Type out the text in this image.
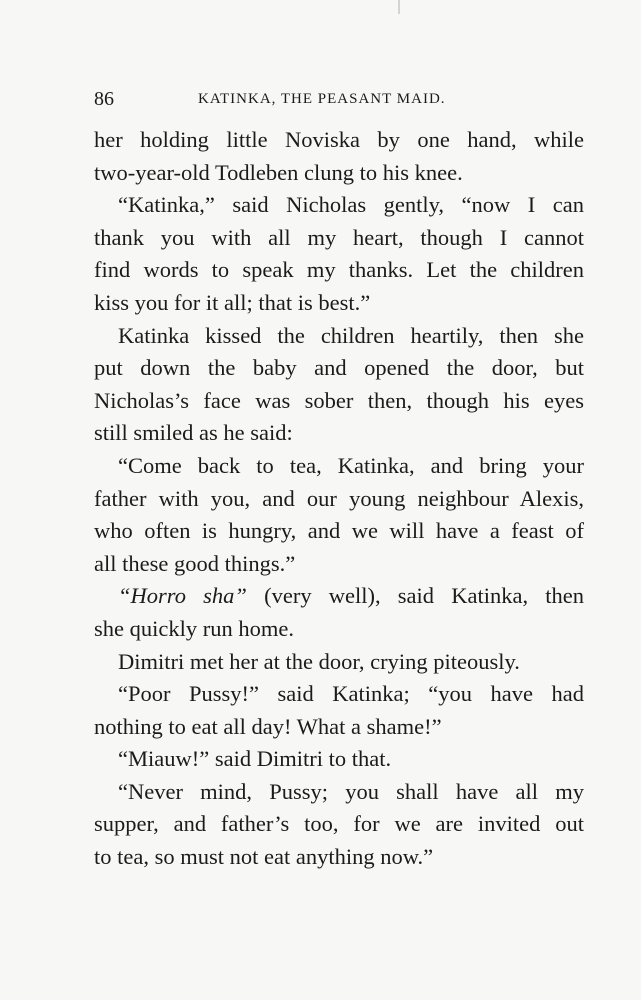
86	KATINKA, THE PEASANT MAID.
her holding little Noviska by one hand, while
two-year-old Todleben clung to his knee.
“Katinka,” said Nicholas gently, “now I can
thank you with all my heart, though I cannot
find words to speak my thanks. Let the children
kiss you for it all; that is best.”
Katinka kissed the children heartily, then she
put down the baby and opened the door, but
Nicholas’s face was sober then, though his eyes
still smiled as he said:
“Come back to tea, Katinka, and bring your
father with you, and our young neighbour Alexis,
who often is hungry, and we will have a feast of
all these good things.”
“Horro sha” (very well), said Katinka, then
she quickly run home.
Dimitri met her at the door, crying piteously.
“Poor Pussy!” said Katinka; “you have had
nothing to eat all day! What a shame!”
“Miauw!” said Dimitri to that.
“Never mind, Pussy; you shall have all my
supper, and father’s too, for we are invited out
to tea, so must not eat anything now.”
